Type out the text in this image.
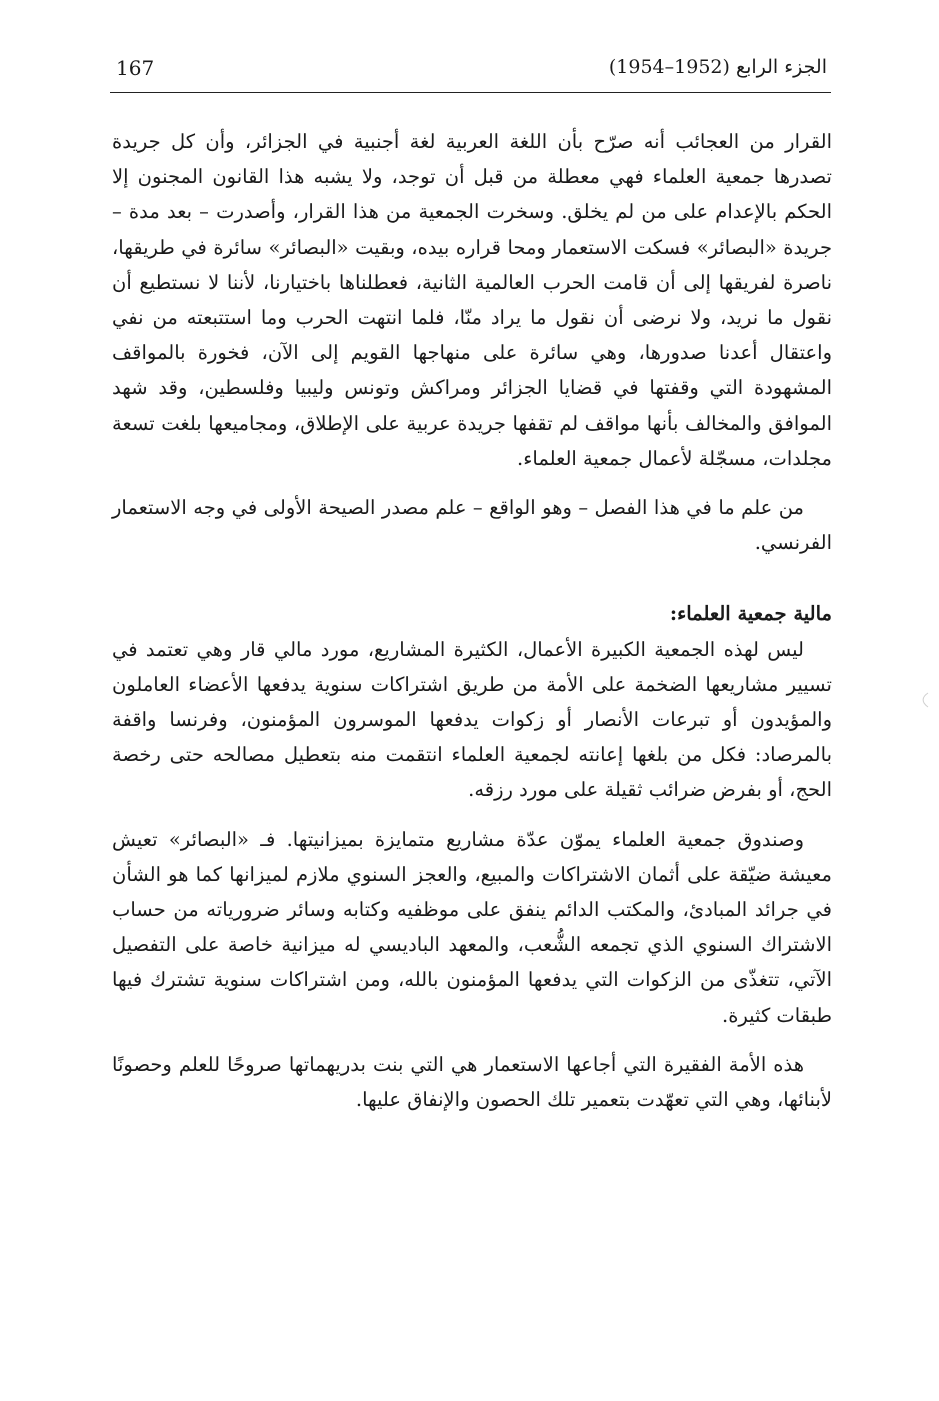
167	الجزء الرابع (1952–1954)

القرار من العجائب أنه صرّح بأن اللغة العربية لغة أجنبية في الجزائر، وأن كل جريدة تصدرها جمعية العلماء فهي معطلة من قبل أن توجد، ولا يشبه هذا القانون المجنون إلا الحكم بالإعدام على من لم يخلق. وسخرت الجمعية من هذا القرار، وأصدرت – بعد مدة – جريدة «البصائر» فسكت الاستعمار ومحا قراره بيده، وبقيت «البصائر» سائرة في طريقها، ناصرة لفريقها إلى أن قامت الحرب العالمية الثانية، فعطلناها باختيارنا، لأننا لا نستطيع أن نقول ما نريد، ولا نرضى أن نقول ما يراد منّا، فلما انتهت الحرب وما استتبعته من نفي واعتقال أعدنا صدورها، وهي سائرة على منهاجها القويم إلى الآن، فخورة بالمواقف المشهودة التي وقفتها في قضايا الجزائر ومراكش وتونس وليبيا وفلسطين، وقد شهد الموافق والمخالف بأنها مواقف لم تقفها جريدة عربية على الإطلاق، ومجاميعها بلغت تسعة مجلدات، مسجّلة لأعمال جمعية العلماء.

من علم ما في هذا الفصل – وهو الواقع – علم مصدر الصيحة الأولى في وجه الاستعمار الفرنسي.

مالية جمعية العلماء:

ليس لهذه الجمعية الكبيرة الأعمال، الكثيرة المشاريع، مورد مالي قار وهي تعتمد في تسيير مشاريعها الضخمة على الأمة من طريق اشتراكات سنوية يدفعها الأعضاء العاملون والمؤيدون أو تبرعات الأنصار أو زكوات يدفعها الموسرون المؤمنون، وفرنسا واقفة بالمرصاد: فكل من بلغها إعانته لجمعية العلماء انتقمت منه بتعطيل مصالحه حتى رخصة الحج، أو بفرض ضرائب ثقيلة على مورد رزقه.

وصندوق جمعية العلماء يموّن عدّة مشاريع متمايزة بميزانيتها. فـ «البصائر» تعيش معيشة ضيّقة على أثمان الاشتراكات والمبيع، والعجز السنوي ملازم لميزانها كما هو الشأن في جرائد المبادئ، والمكتب الدائم ينفق على موظفيه وكتابه وسائر ضرورياته من حساب الاشتراك السنوي الذي تجمعه الشُّعب، والمعهد الباديسي له ميزانية خاصة على التفصيل الآتي، تتغذّى من الزكوات التي يدفعها المؤمنون بالله، ومن اشتراكات سنوية تشترك فيها طبقات كثيرة.

هذه الأمة الفقيرة التي أجاعها الاستعمار هي التي بنت بدريهماتها صروحًا للعلم وحصونًا لأبنائها، وهي التي تعهّدت بتعمير تلك الحصون والإنفاق عليها.
